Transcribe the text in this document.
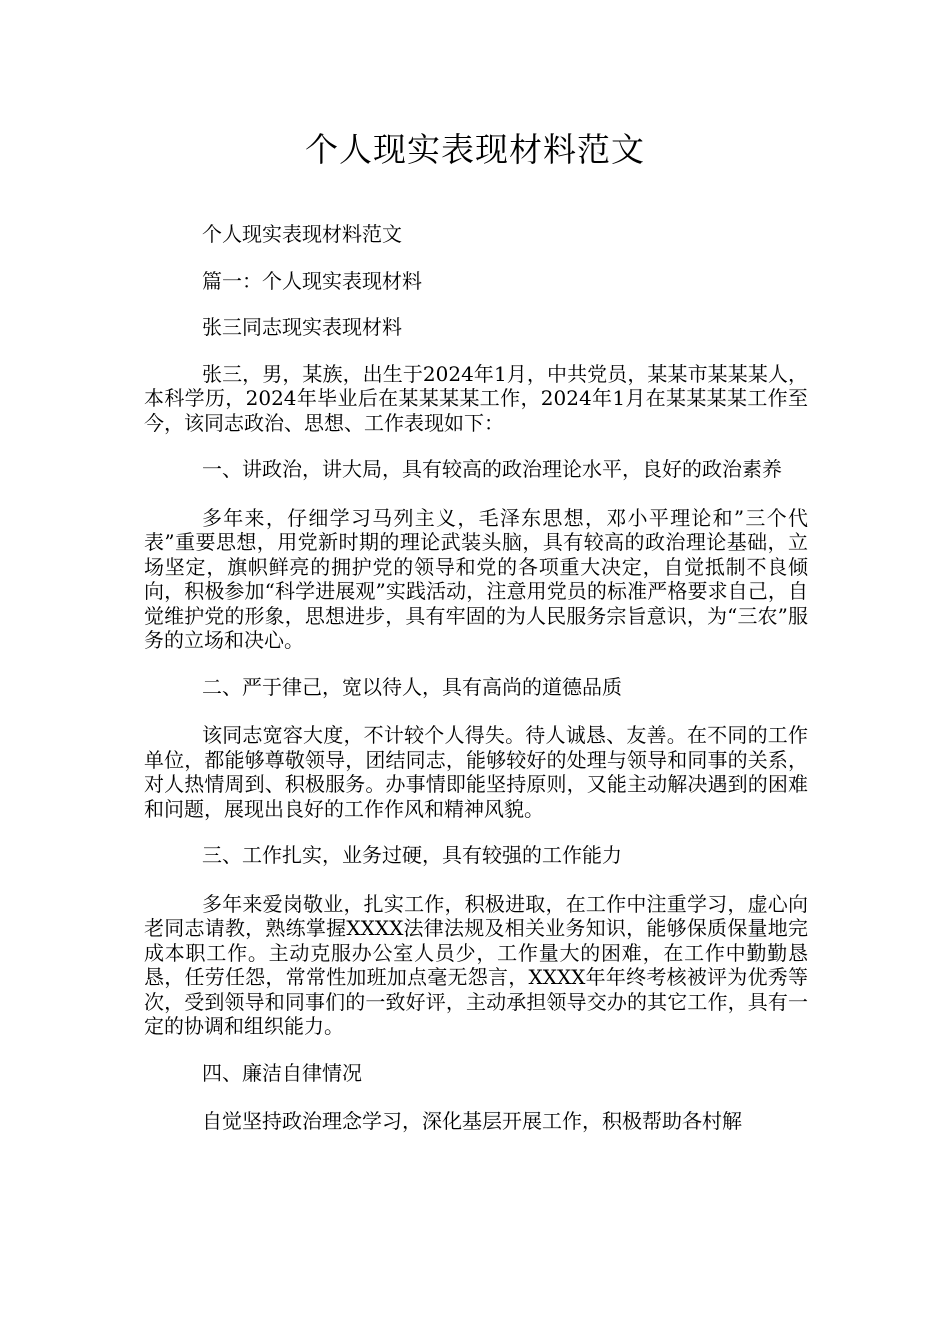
个人现实表现材料范文

个人现实表现材料范文

篇一：个人现实表现材料

张三同志现实表现材料

张三，男，某族，出生于2024年1月，中共党员，某某市某某某人，本科学历，2024年毕业后在某某某某工作，2024年1月在某某某某工作至今，该同志政治、思想、工作表现如下：

一、讲政治，讲大局，具有较高的政治理论水平，良好的政治素养

多年来，仔细学习马列主义，毛泽东思想，邓小平理论和”三个代表”重要思想，用党新时期的理论武装头脑，具有较高的政治理论基础，立场坚定，旗帜鲜亮的拥护党的领导和党的各项重大决定，自觉抵制不良倾向，积极参加“科学进展观”实践活动，注意用党员的标准严格要求自己，自觉维护党的形象，思想进步，具有牢固的为人民服务宗旨意识，为“三农”服务的立场和决心。

二、严于律己，宽以待人，具有高尚的道德品质

该同志宽容大度，不计较个人得失。待人诚恳、友善。在不同的工作单位，都能够尊敬领导，团结同志，能够较好的处理与领导和同事的关系，对人热情周到、积极服务。办事情即能坚持原则，又能主动解决遇到的困难和问题，展现出良好的工作作风和精神风貌。

三、工作扎实，业务过硬，具有较强的工作能力

多年来爱岗敬业，扎实工作，积极进取，在工作中注重学习，虚心向老同志请教，熟练掌握XXXX法律法规及相关业务知识，能够保质保量地完成本职工作。主动克服办公室人员少，工作量大的困难，在工作中勤勤恳恳，任劳任怨，常常性加班加点毫无怨言，XXXX年年终考核被评为优秀等次，受到领导和同事们的一致好评，主动承担领导交办的其它工作，具有一定的协调和组织能力。

四、廉洁自律情况

自觉坚持政治理念学习，深化基层开展工作，积极帮助各村解
